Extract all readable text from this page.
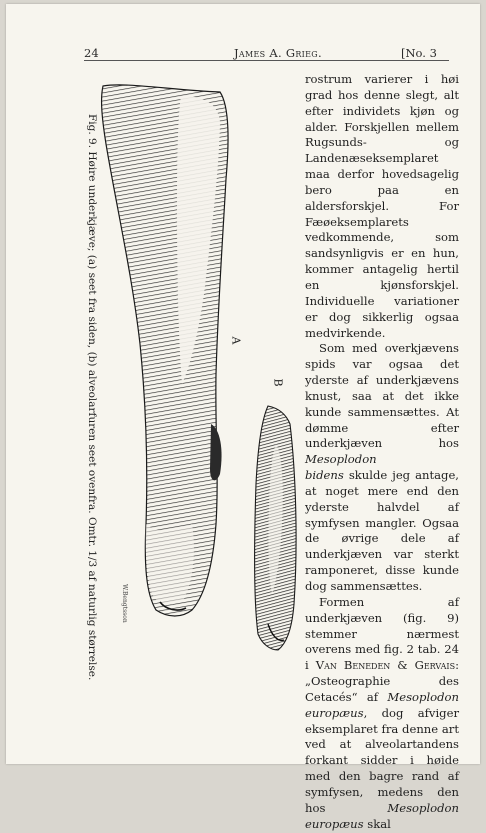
24	James A. Grieg.	[No. 3
Fig. 9. Høire underkjæve; (a) seet fra siden, (b) alveolarfuren seet ovenfra. Omtr. 1/3 af naturlig størrelse.	A
B
W.Bengtsson

rostrum varierer i høi grad hos denne slegt, alt efter individets kjøn og alder. Forskjellen mellem Rugsunds- og Landenæseksemplaret maa derfor hovedsagelig bero paa en aldersforskjel. For Fæøeksemplarets vedkommende, som sandsynligvis er en hun, kommer antagelig hertil en kjønsforskjel. Individuelle variationer er dog sikkerlig ogsaa medvirkende.

Som med overkjævens spids var ogsaa det yderste af underkjævens knust, saa at det ikke kunde sammensættes. At dømme efter underkjæven hos Mesoplodon
bidens skulde jeg antage, at noget mere end den yderste halvdel af symfysen mangler. Ogsaa de øvrige dele af underkjæven var sterkt ramponeret, disse kunde dog sammensættes.

Formen af underkjæven (fig. 9) stemmer nærmest overens med fig. 2 tab. 24 i Van Beneden & Gervais: „Osteographie des Cetacés“ af Mesoplodon europæus, dog afviger eksemplaret fra denne art ved at alveolartandens forkant sidder i høide med den bagre rand af symfysen, medens den hos Mesoplodon europæus skal
